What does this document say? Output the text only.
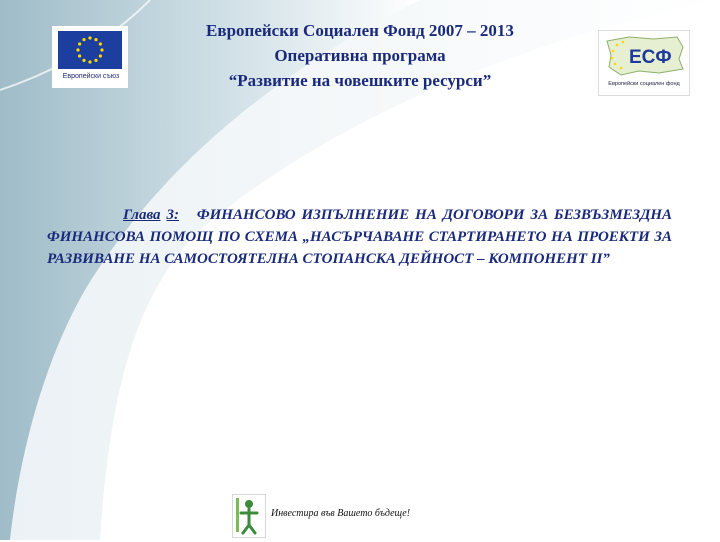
Европейски съюз
Европейски Социален Фонд 2007 – 2013
Оперативна програма
“Развитие на човешките ресурси”
ЕСФ
Европейски социален фонд
Глава 3: ФИНАНСОВО ИЗПЪЛНЕНИЕ НА ДОГОВОРИ ЗА БЕЗВЪЗМЕЗДНА ФИНАНСОВА ПОМОЩ ПО СХЕМА „НАСЪРЧАВАНЕ СТАРТИРАНЕТО НА ПРОЕКТИ ЗА РАЗВИВАНЕ НА САМОСТОЯТЕЛНА СТОПАНСКА ДЕЙНОСТ – КОМПОНЕНТ II”
Инвестира във Вашето бъдеще!
